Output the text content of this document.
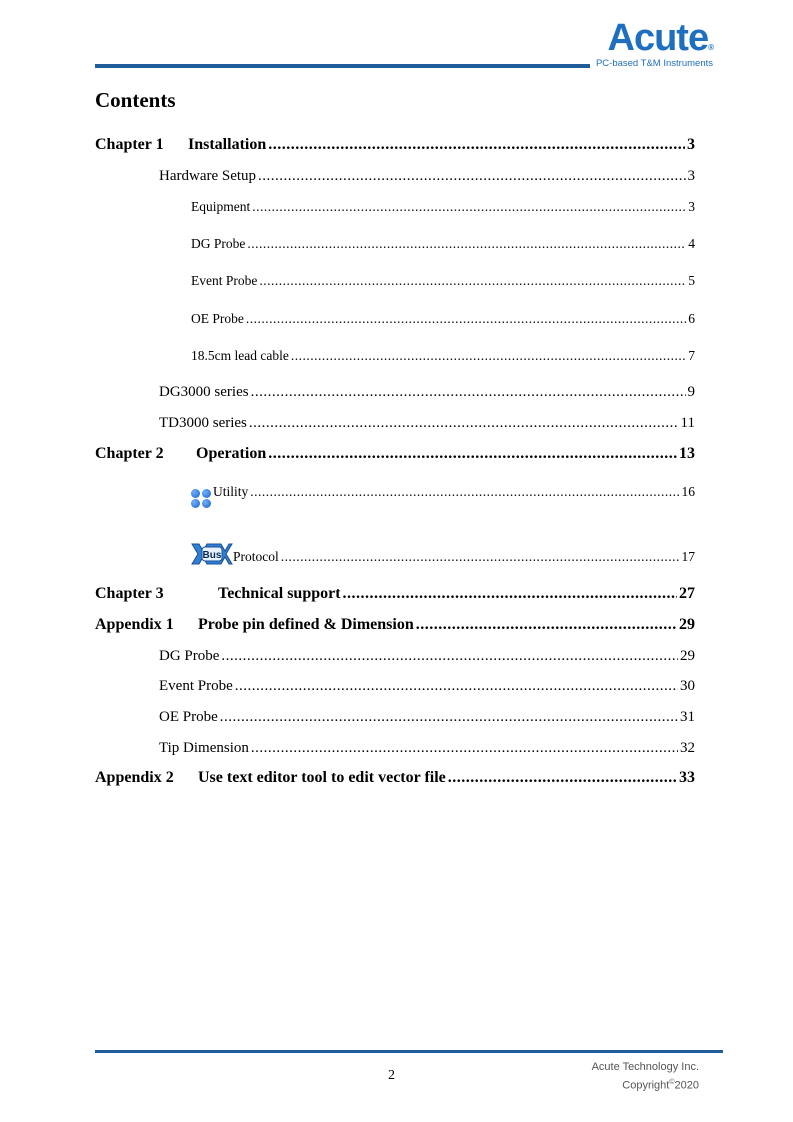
Acute®
PC-based T&M Instruments
Contents
Chapter 1	Installation .....	3
Hardware Setup .....	3
Equipment .....	3
DG Probe .....	4
Event Probe .....	5
OE Probe .....	6
18.5cm lead cable .....	7
DG3000 series .....	9
TD3000 series .....	11
Chapter 2	Operation .....	13
Utility .....	16
Bus Protocol .....	17
Chapter 3	Technical support .....	27
Appendix 1	Probe pin defined & Dimension .....	29
DG Probe .....	29
Event Probe .....	30
OE Probe .....	31
Tip Dimension .....	32
Appendix 2	Use text editor tool to edit vector file .....	33
2
Acute Technology Inc.
Copyright©2020
